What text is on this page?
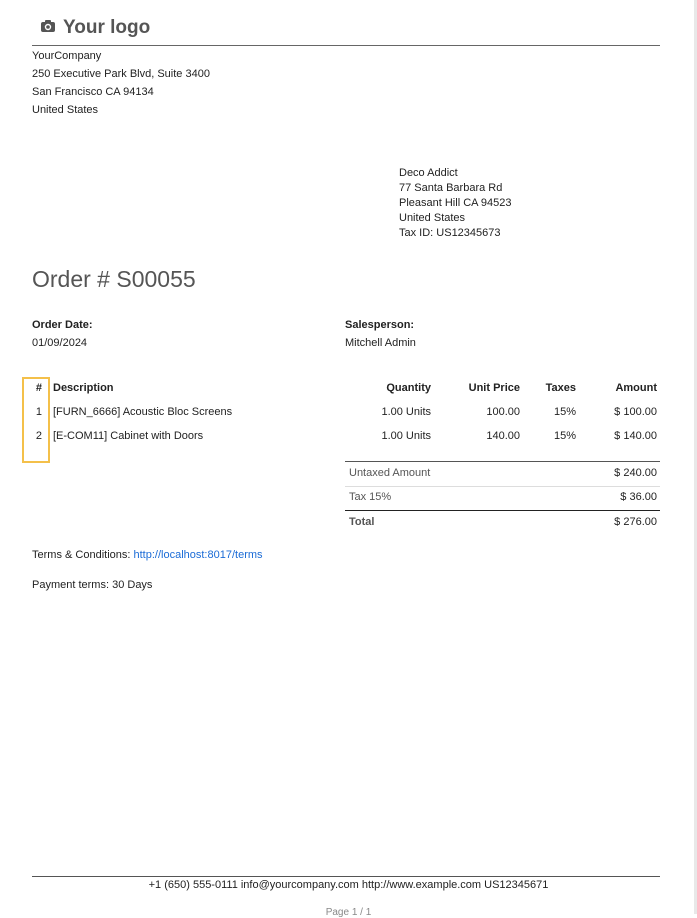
Your logo
YourCompany
250 Executive Park Blvd, Suite 3400
San Francisco CA 94134
United States
Deco Addict
77 Santa Barbara Rd
Pleasant Hill CA 94523
United States
Tax ID: US12345673
Order # S00055
Order Date:
01/09/2024
Salesperson:
Mitchell Admin
# Description	Quantity	Unit Price	Taxes	Amount
1 [FURN_6666] Acoustic Bloc Screens	1.00 Units	100.00	15%	$ 100.00
2 [E-COM11] Cabinet with Doors	1.00 Units	140.00	15%	$ 140.00
Untaxed Amount	$ 240.00
Tax 15%	$ 36.00
Total	$ 276.00
Terms & Conditions: http://localhost:8017/terms
Payment terms: 30 Days
+1 (650) 555-0111 info@yourcompany.com http://www.example.com US12345671
Page 1 / 1
